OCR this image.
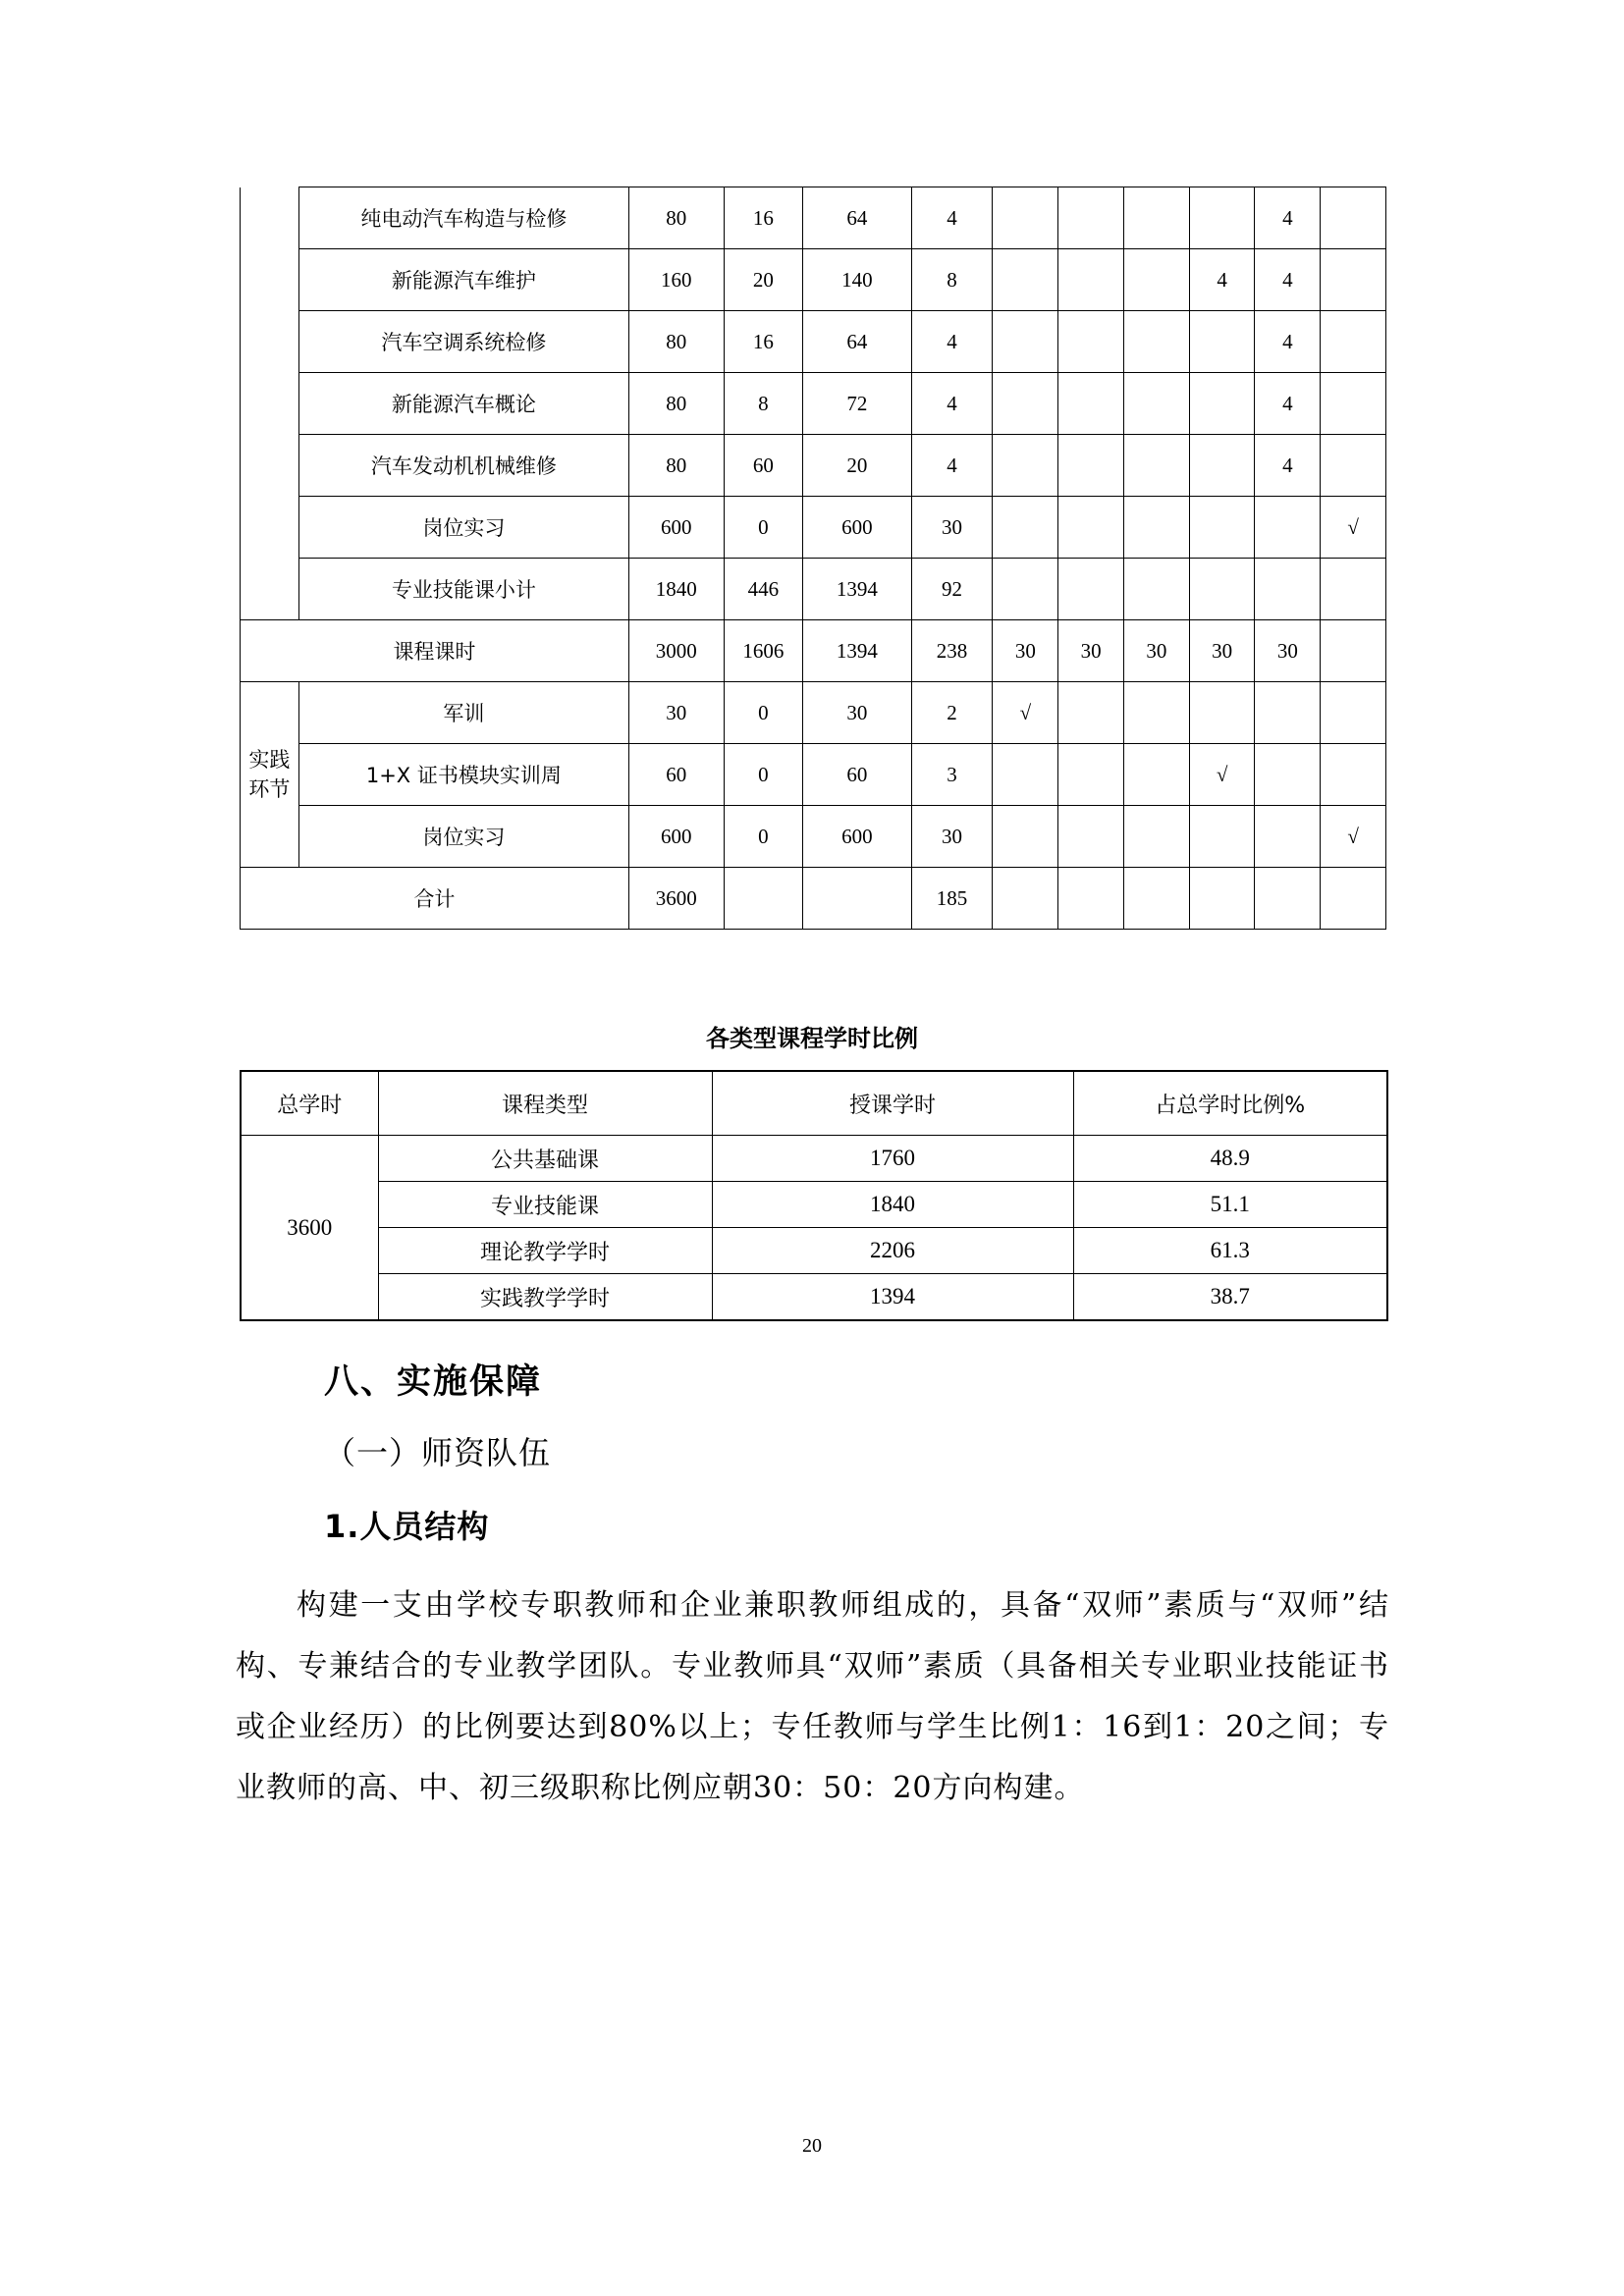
	纯电动汽车构造与检修	80	16	64	4					4	
	新能源汽车维护	160	20	140	8				4	4	
	汽车空调系统检修	80	16	64	4					4	
	新能源汽车概论	80	8	72	4					4	
	汽车发动机机械维修	80	60	20	4					4	
	岗位实习	600	0	600	30						√
	专业技能课小计	1840	446	1394	92						
课程课时		3000	1606	1394	238	30	30	30	30	30	
实践环节	军训	30	0	30	2	√					
	1+X 证书模块实训周	60	0	60	3				√		
	岗位实习	600	0	600	30						√
合计		3600			185						
各类型课程学时比例
总学时	课程类型	授课学时	占总学时比例%
3600	公共基础课	1760	48.9
	专业技能课	1840	51.1
	理论教学学时	2206	61.3
	实践教学学时	1394	38.7
八、实施保障
（一）师资队伍
1.人员结构
构建一支由学校专职教师和企业兼职教师组成的，具备“双师”素质与“双师”结构、专兼结合的专业教学团队。专业教师具“双师”素质（具备相关专业职业技能证书或企业经历）的比例要达到80%以上；专任教师与学生比例1：16到1：20之间；专业教师的高、中、初三级职称比例应朝30：50：20方向构建。
20
